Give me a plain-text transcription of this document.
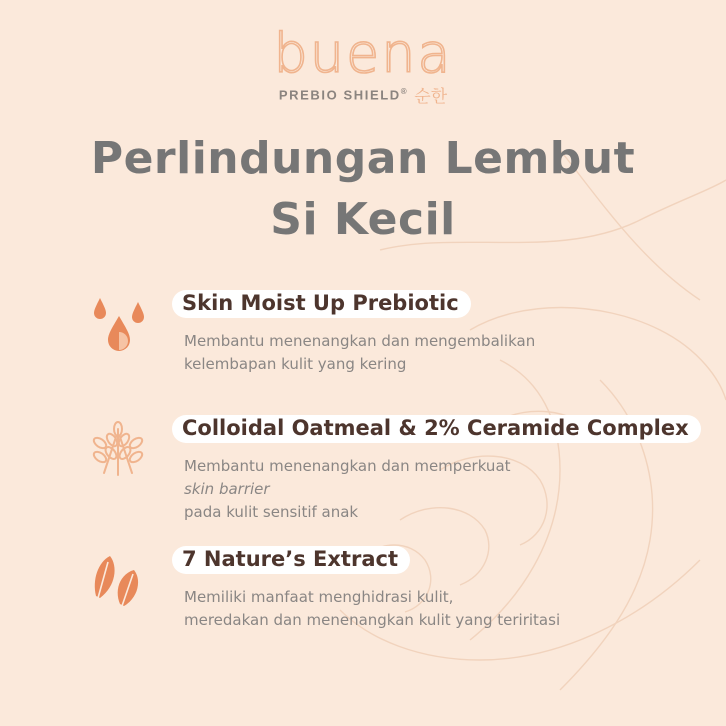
buena
PREBIO SHIELD® 순한
Perlindungan Lembut
Si Kecil
Skin Moist Up Prebiotic
Membantu menenangkan dan mengembalikan
kelembapan kulit yang kering
Colloidal Oatmeal & 2% Ceramide Complex
Membantu menenangkan dan memperkuat
skin barrier
pada kulit sensitif anak
7 Nature’s Extract
Memiliki manfaat menghidrasi kulit,
meredakan dan menenangkan kulit yang teriritasi
